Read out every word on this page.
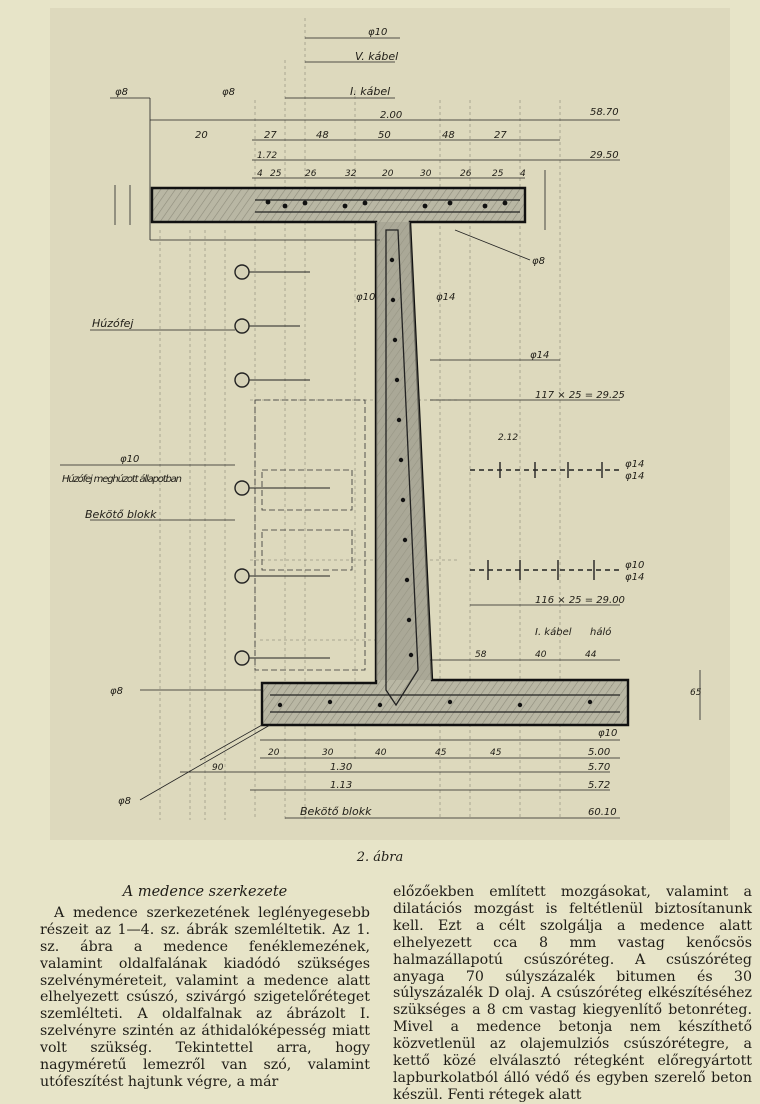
φ10
V. kábel
I. kábel
φ8	φ8
2.00	58.70
20	27	48	50	48	27
1.72	29.50
4 25	26	32	20	30	26 25 4
φ8
φ10	φ14
Húzófej
φ14
117 × 25 = 29.25
φ10	φ14
φ14
Húzófej meghúzott állapotban
Bekötő blokk
φ10
φ14
116 × 25 = 29.00
I. kábel háló
2.12
40	44
58
65
φ10
φ8
20	30	40	45	45	5.00
90	1.30	5.70
1.13	5.72
φ8
Bekötő blokk	60.10
2. ábra
A medence szerkezete

A medence szerkezetének leglényegesebb részeit az 1—4. sz. ábrák szemléltetik. Az 1. sz. ábra a medence fenéklemezének, valamint oldalfalának kiadódó szükséges szelvényméreteit, valamint a medence alatt elhelyezett csúszó, szivárgó szigetelőréteget szemlélteti. A oldalfalnak az ábrázolt I. szelvényre szintén az áthidalóképesség miatt volt szükség. Tekintettel arra, hogy nagyméretű lemezről van szó, valamint utófeszítést hajtunk végre, a már

előzőekben említett mozgásokat, valamint a dilatációs mozgást is feltétlenül biztosítanunk kell. Ezt a célt szolgálja a medence alatt elhelyezett cca 8 mm vastag kenőcsös halmazállapotú csúszóréteg. A csúszóréteg anyaga 70 súlyszázalék bitumen és 30 súlyszázalék D olaj. A csúszóréteg elkészítéséhez szükséges a 8 cm vastag kiegyenlítő betonréteg. Mivel a medence betonja nem készíthető közvetlenül az olajemulziós csúszórétegre, a kettő közé elválasztó rétegként előregyártott lapburkolatból álló védő és egyben szerelő beton készül. Fenti rétegek alatt
